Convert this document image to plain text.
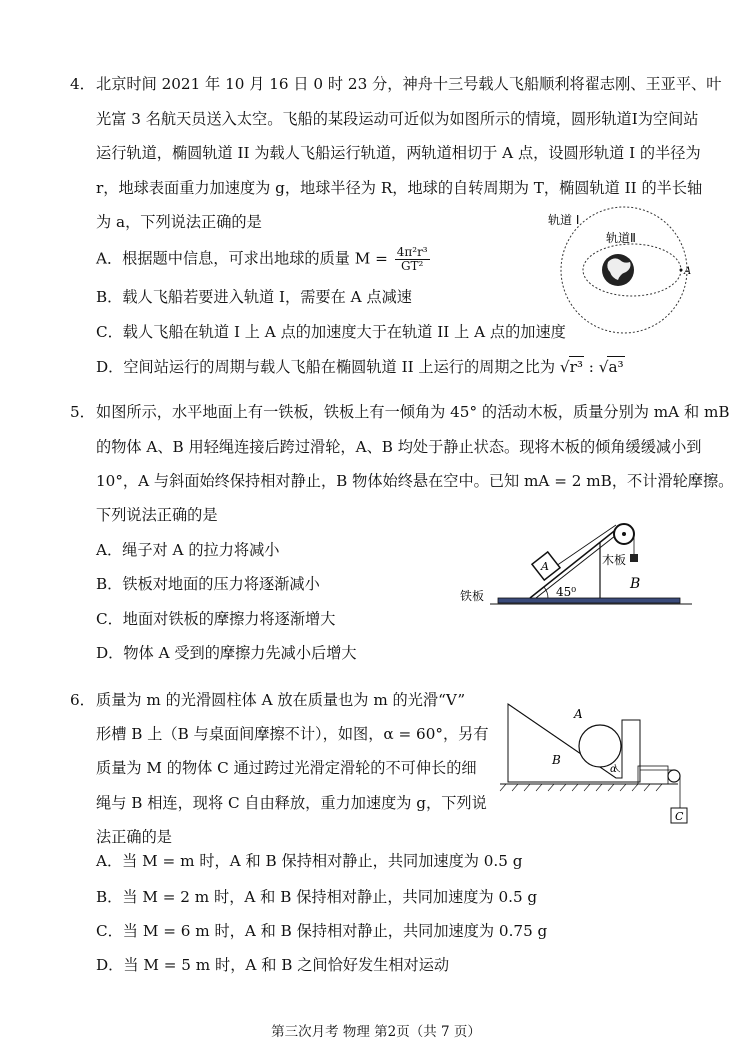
4． 北京时间 2021 年 10 月 16 日 0 时 23 分，神舟十三号载人飞船顺利将翟志刚、王亚平、叶
光富 3 名航天员送入太空。飞船的某段运动可近似为如图所示的情境，圆形轨道Ⅰ为空间站
运行轨道，椭圆轨道 II 为载人飞船运行轨道，两轨道相切于 A 点，设圆形轨道 I 的半径为
r，地球表面重力加速度为 g，地球半径为 R，地球的自转周期为 T，椭圆轨道 II 的半长轴
为 a，下列说法正确的是
A．根据题中信息，可求出地球的质量 $M = \frac{\text{4π²r³}}{\text{GT²}}$
B．载人飞船若要进入轨道 I，需要在 A 点减速
C．载人飞船在轨道 I 上 A 点的加速度大于在轨道 II 上 A 点的加速度
D．空间站运行的周期与载人飞船在椭圆轨道 II 上运行的周期之比为 √r³ : √a³
轨道 I
轨道Ⅱ
A
5． 如图所示，水平地面上有一铁板，铁板上有一倾角为 45° 的活动木板，质量分别为 mA 和 mB
的物体 A、B 用轻绳连接后跨过滑轮，A、B 均处于静止状态。现将木板的倾角缓缓减小到
10°，A 与斜面始终保持相对静止，B 物体始终悬在空中。已知 mA = 2 mB，不计滑轮摩擦。
下列说法正确的是
A．绳子对 A 的拉力将减小
B．铁板对地面的压力将逐渐减小
C．地面对铁板的摩擦力将逐渐增大
D．物体 A 受到的摩擦力先减小后增大
A
B
木板
铁板	45⁰
6． 质量为 m 的光滑圆柱体 A 放在质量也为 m 的光滑“V”
形槽 B 上（B 与桌面间摩擦不计），如图，α = 60°，另有
质量为 M 的物体 C 通过跨过光滑定滑轮的不可伸长的细
绳与 B 相连，现将 C 自由释放，重力加速度为 g，下列说
法正确的是
A．当 M = m 时，A 和 B 保持相对静止，共同加速度为 0.5 g
B．当 M = 2 m 时，A 和 B 保持相对静止，共同加速度为 0.5 g
C．当 M = 6 m 时，A 和 B 保持相对静止，共同加速度为 0.75 g
D．当 M = 5 m 时，A 和 B 之间恰好发生相对运动
A
B
C
α
第三次月考 物理 第2页（共 7 页）
